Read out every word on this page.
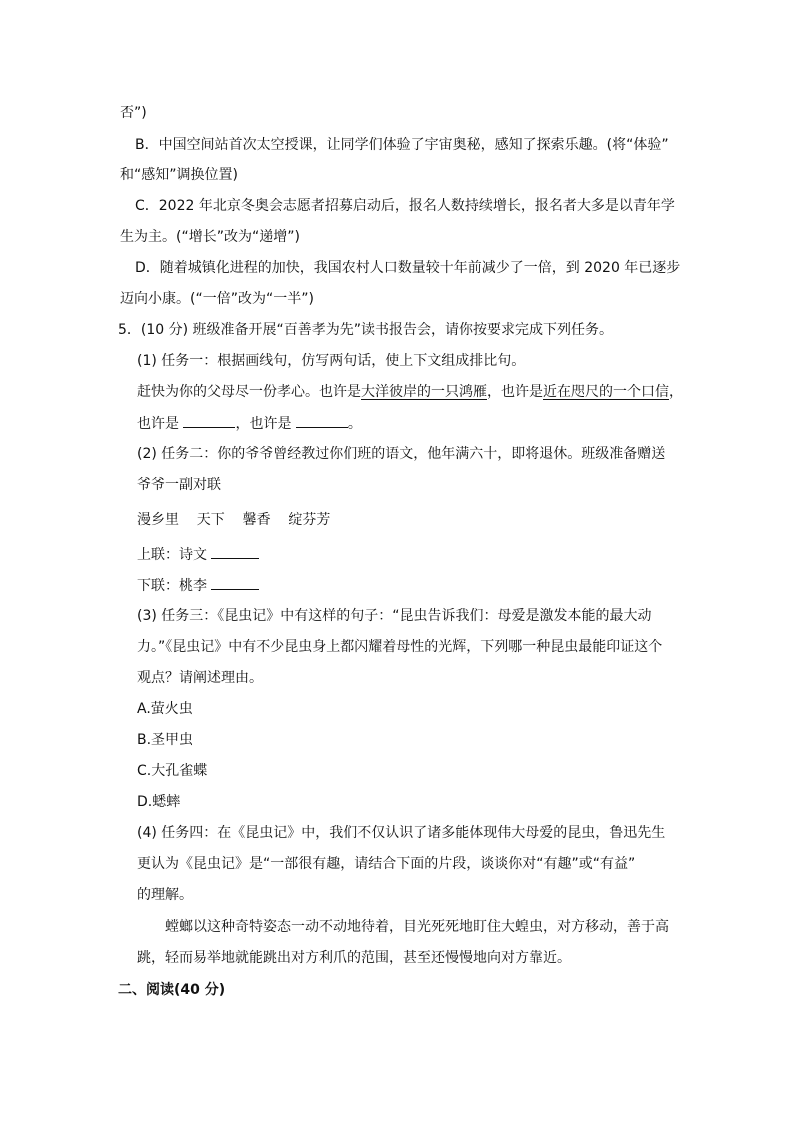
否”)
B．中国空间站首次太空授课，让同学们体验了宇宙奥秘，感知了探索乐趣。(将“体验”
和“感知”调换位置)
C．2022 年北京冬奥会志愿者招募启动后，报名人数持续增长，报名者大多是以青年学
生为主。(“增长”改为“递增”)
D．随着城镇化进程的加快，我国农村人口数量较十年前减少了一倍，到 2020 年已逐步
迈向小康。(“一倍”改为“一半”)
5．(10 分) 班级准备开展“百善孝为先”读书报告会，请你按要求完成下列任务。
(1) 任务一：根据画线句，仿写两句话，使上下文组成排比句。
赶快为你的父母尽一份孝心。也许是大洋彼岸的一只鸿雁，也许是近在咫尺的一个口信，
也许是	，也许是	。
(2) 任务二：你的爷爷曾经教过你们班的语文，他年满六十，即将退休。班级准备赠送
爷爷一副对联
漫乡里    天下    馨香    绽芬芳
上联：诗文
下联：桃李
(3) 任务三：《昆虫记》中有这样的句子：“昆虫告诉我们：母爱是激发本能的最大动
力。”《昆虫记》中有不少昆虫身上都闪耀着母性的光辉，下列哪一种昆虫最能印证这个
观点？请阐述理由。
A.萤火虫
B.圣甲虫
C.大孔雀蝶
D.蟋蟀
(4) 任务四：在《昆虫记》中，我们不仅认识了诸多能体现伟大母爱的昆虫，鲁迅先生
更认为《昆虫记》是“一部很有趣，请结合下面的片段，谈谈你对“有趣”或“有益”
的理解。
螳螂以这种奇特姿态一动不动地待着，目光死死地盯住大蝗虫，对方移动，善于高
跳，轻而易举地就能跳出对方利爪的范围，甚至还慢慢地向对方靠近。
二、阅读(40 分)
